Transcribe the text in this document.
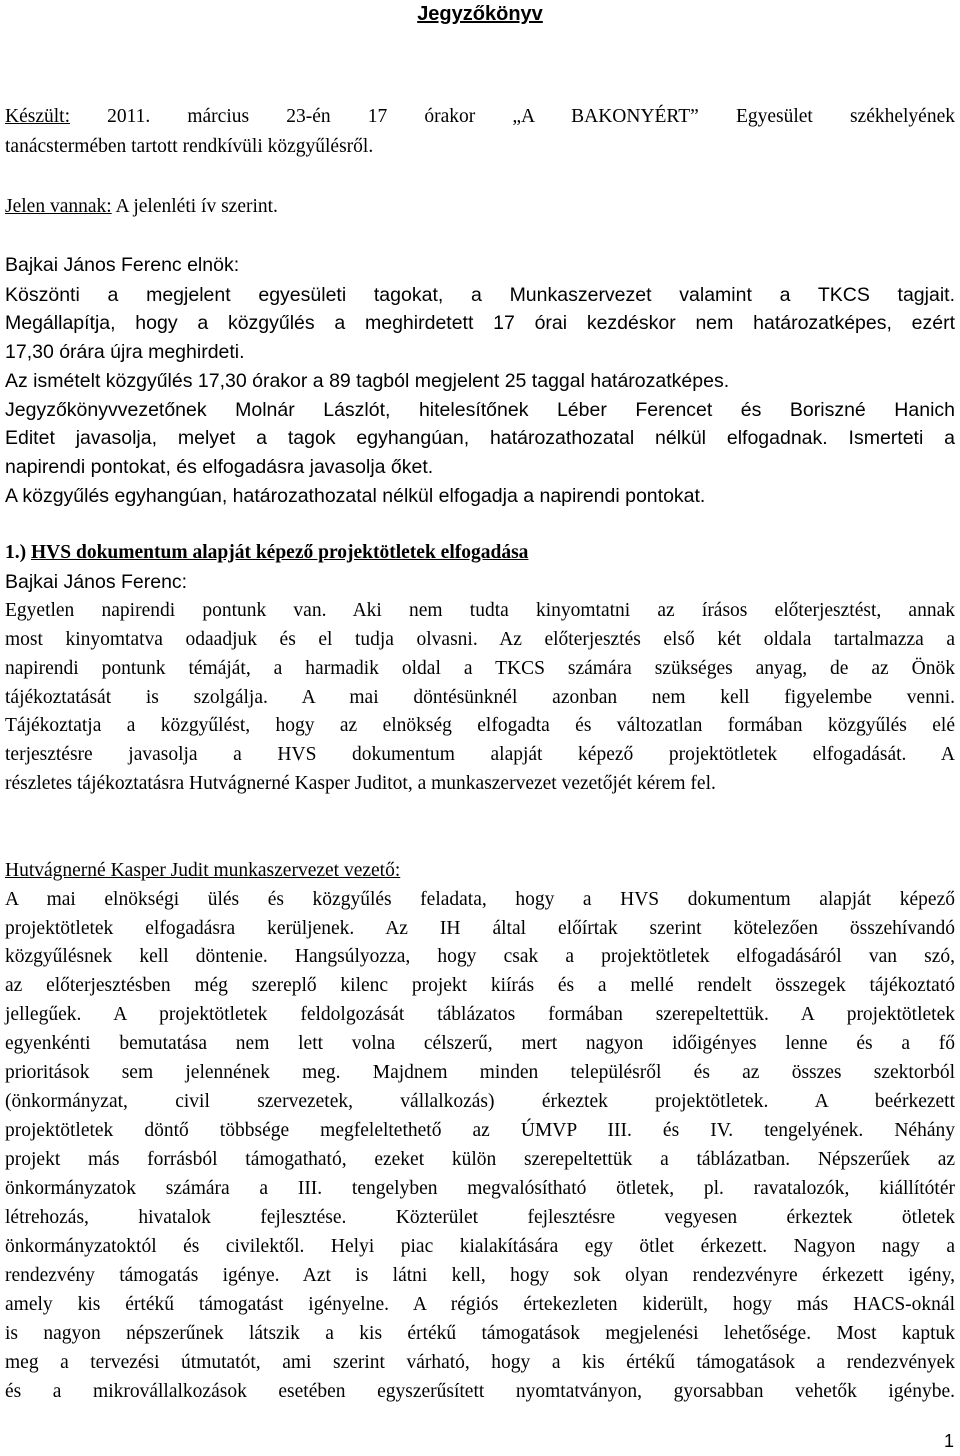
Jegyzőkönyv
Készült: 2011. március 23-én 17 órakor „A BAKONYÉRT” Egyesület székhelyének
tanácstermében tartott rendkívüli közgyűlésről.
Jelen vannak: A jelenléti ív szerint.
Bajkai János Ferenc elnök:
Köszönti a megjelent egyesületi tagokat, a Munkaszervezet valamint a TKCS tagjait.
Megállapítja, hogy a közgyűlés a meghirdetett 17 órai kezdéskor nem határozatképes, ezért
17,30 órára újra meghirdeti.
Az ismételt közgyűlés 17,30 órakor a 89 tagból megjelent 25 taggal határozatképes.
Jegyzőkönyvvezetőnek Molnár Lászlót, hitelesítőnek Léber Ferencet és Boriszné Hanich
Editet javasolja, melyet a tagok egyhangúan, határozathozatal nélkül elfogadnak. Ismerteti a
napirendi pontokat, és elfogadásra javasolja őket.
A közgyűlés egyhangúan, határozathozatal nélkül elfogadja a napirendi pontokat.
1.) HVS dokumentum alapját képező projektötletek elfogadása
Bajkai János Ferenc:
Egyetlen napirendi pontunk van. Aki nem tudta kinyomtatni az írásos előterjesztést, annak
most kinyomtatva odaadjuk és el tudja olvasni. Az előterjesztés első két oldala tartalmazza a
napirendi pontunk témáját, a harmadik oldal a TKCS számára szükséges anyag, de az Önök
tájékoztatását is szolgálja. A mai döntésünknél azonban nem kell figyelembe venni.
Tájékoztatja a közgyűlést, hogy az elnökség elfogadta és változatlan formában közgyűlés elé
terjesztésre javasolja a HVS dokumentum alapját képező projektötletek elfogadását. A
részletes tájékoztatásra Hutvágnerné Kasper Juditot, a munkaszervezet vezetőjét kérem fel.
Hutvágnerné Kasper Judit munkaszervezet vezető:
A mai elnökségi ülés és közgyűlés feladata, hogy a HVS dokumentum alapját képező
projektötletek elfogadásra kerüljenek. Az IH által előírtak szerint kötelezően összehívandó
közgyűlésnek kell döntenie. Hangsúlyozza, hogy csak a projektötletek elfogadásáról van szó,
az előterjesztésben még szereplő kilenc projekt kiírás és a mellé rendelt összegek tájékoztató
jellegűek. A projektötletek feldolgozását táblázatos formában szerepeltettük. A projektötletek
egyenkénti bemutatása nem lett volna célszerű, mert nagyon időigényes lenne és a fő
prioritások sem jelennének meg. Majdnem minden településről és az összes szektorból
(önkormányzat, civil szervezetek, vállalkozás) érkeztek projektötletek. A beérkezett
projektötletek döntő többsége megfeleltethető az ÚMVP III. és IV. tengelyének. Néhány
projekt más forrásból támogatható, ezeket külön szerepeltettük a táblázatban. Népszerűek az
önkormányzatok számára a III. tengelyben megvalósítható ötletek, pl. ravatalozók, kiállítótér
létrehozás, hivatalok fejlesztése. Közterület fejlesztésre vegyesen érkeztek ötletek
önkormányzatoktól és civilektől. Helyi piac kialakítására egy ötlet érkezett. Nagyon nagy a
rendezvény támogatás igénye. Azt is látni kell, hogy sok olyan rendezvényre érkezett igény,
amely kis értékű támogatást igényelne. A régiós értekezleten kiderült, hogy más HACS-oknál
is nagyon népszerűnek látszik a kis értékű támogatások megjelenési lehetősége. Most kaptuk
meg a tervezési útmutatót, ami szerint várható, hogy a kis értékű támogatások a rendezvények
és a mikrovállalkozások esetében egyszerűsített nyomtatványon, gyorsabban vehetők igénybe.
1
